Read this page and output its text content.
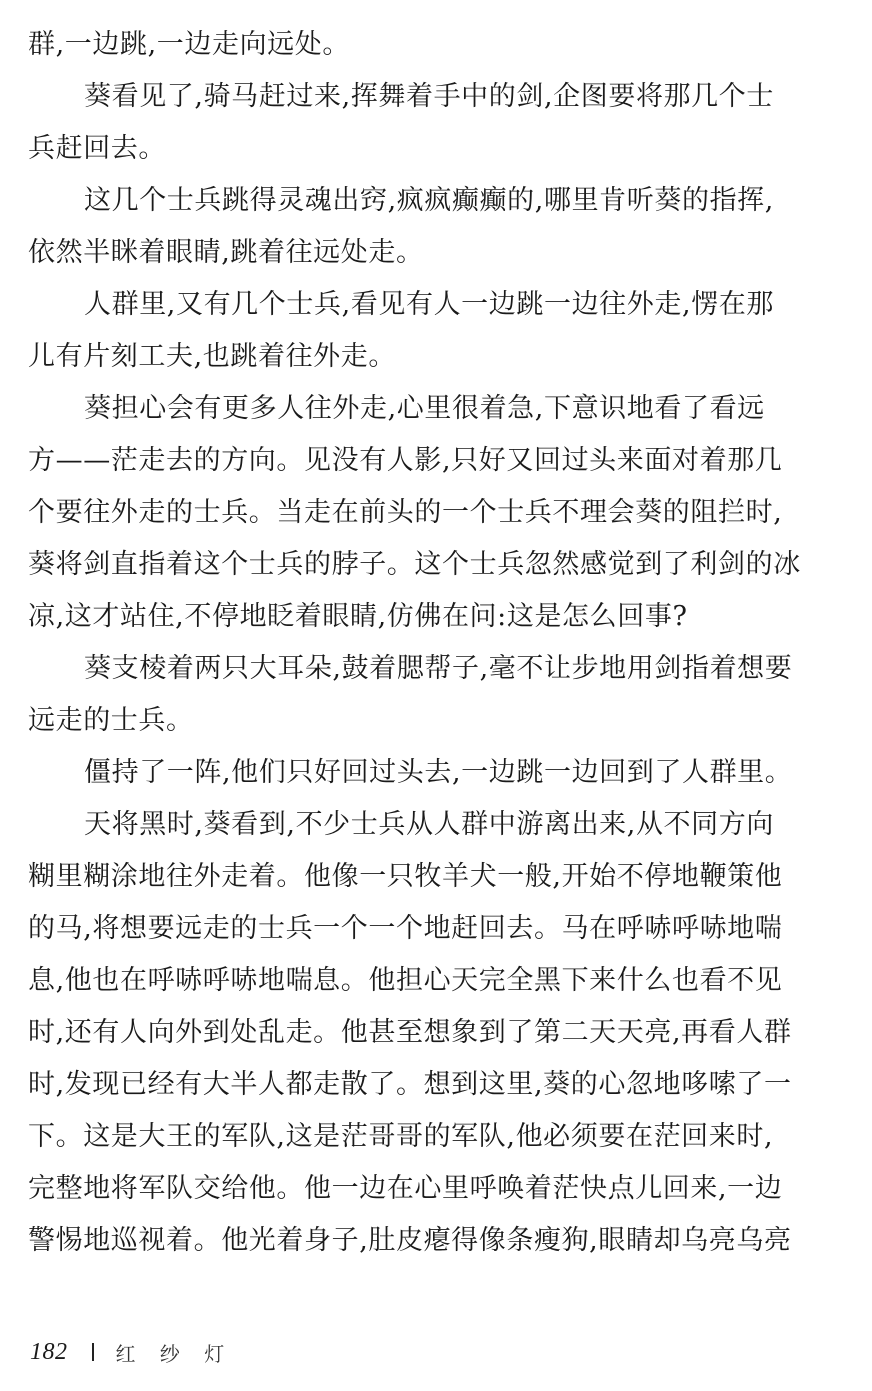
群,一边跳,一边走向远处。
葵看见了,骑马赶过来,挥舞着手中的剑,企图要将那几个士
兵赶回去。
这几个士兵跳得灵魂出窍,疯疯癫癫的,哪里肯听葵的指挥,
依然半眯着眼睛,跳着往远处走。
人群里,又有几个士兵,看见有人一边跳一边往外走,愣在那
儿有片刻工夫,也跳着往外走。
葵担心会有更多人往外走,心里很着急,下意识地看了看远
方——茫走去的方向。见没有人影,只好又回过头来面对着那几
个要往外走的士兵。当走在前头的一个士兵不理会葵的阻拦时,
葵将剑直指着这个士兵的脖子。这个士兵忽然感觉到了利剑的冰
凉,这才站住,不停地眨着眼睛,仿佛在问:这是怎么回事?
葵支棱着两只大耳朵,鼓着腮帮子,毫不让步地用剑指着想要
远走的士兵。
僵持了一阵,他们只好回过头去,一边跳一边回到了人群里。
天将黑时,葵看到,不少士兵从人群中游离出来,从不同方向
糊里糊涂地往外走着。他像一只牧羊犬一般,开始不停地鞭策他
的马,将想要远走的士兵一个一个地赶回去。马在呼哧呼哧地喘
息,他也在呼哧呼哧地喘息。他担心天完全黑下来什么也看不见
时,还有人向外到处乱走。他甚至想象到了第二天天亮,再看人群
时,发现已经有大半人都走散了。想到这里,葵的心忽地哆嗦了一
下。这是大王的军队,这是茫哥哥的军队,他必须要在茫回来时,
完整地将军队交给他。他一边在心里呼唤着茫快点儿回来,一边
警惕地巡视着。他光着身子,肚皮瘪得像条瘦狗,眼睛却乌亮乌亮
182 红 纱 灯
